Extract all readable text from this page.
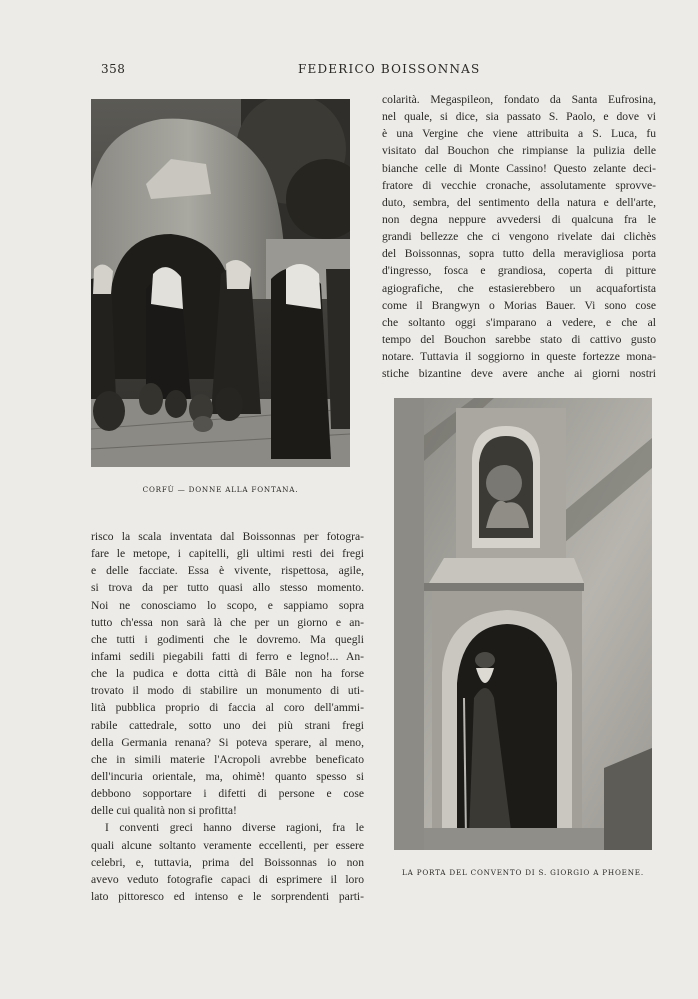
358	FEDERICO BOISSONNAS
CORFÙ — DONNE ALLA FONTANA.

colarità. Megaspileon, fondato da Santa Eufrosina,

nel quale, si dice, sia passato S. Paolo, e dove vi

è una Vergine che viene attribuita a S. Luca, fu

visitato dal Bouchon che rimpianse la pulizia delle

bianche celle di Monte Cassino! Questo zelante deci-

fratore di vecchie cronache, assolutamente sprovve-

duto, sembra, del sentimento della natura e dell'arte,

non degna neppure avvedersi di qualcuna fra le

grandi bellezze che ci vengono rivelate dai clichès

del Boissonnas, sopra tutto della meravigliosa porta

d'ingresso, fosca e grandiosa, coperta di pitture

agiografiche, che estasierebbero un acquafortista

come il Brangwyn o Morias Bauer. Vi sono cose

che soltanto oggi s'imparano a vedere, e che al

tempo del Bouchon sarebbe stato di cattivo gusto

notare. Tuttavia il soggiorno in queste fortezze mona-

stiche bizantine deve avere anche ai giorni nostri

LA PORTA DEL CONVENTO DI S. GIORGIO A PHOENE.

risco la scala inventata dal Boissonnas per fotogra-

fare le metope, i capitelli, gli ultimi resti dei fregi

e delle facciate. Essa è vivente, rispettosa, agile,

si trova da per tutto quasi allo stesso momento.

Noi ne conosciamo lo scopo, e sappiamo sopra

tutto ch'essa non sarà là che per un giorno e an-

che tutti i godimenti che le dovremo. Ma quegli

infami sedili piegabili fatti di ferro e legno!... An-

che la pudica e dotta città di Bâle non ha forse

trovato il modo di stabilire un monumento di uti-

lità pubblica proprio di faccia al coro dell'ammi-

rabile cattedrale, sotto uno dei più strani fregi

della Germania renana? Si poteva sperare, al meno,

che in simili materie l'Acropoli avrebbe beneficato

dell'incuria orientale, ma, ohimè! quanto spesso si

debbono sopportare i difetti di persone e cose

delle cui qualità non si profitta!

I conventi greci hanno diverse ragioni, fra le

quali alcune soltanto veramente eccellenti, per essere

celebri, e, tuttavia, prima del Boissonnas io non

avevo veduto fotografie capaci di esprimere il loro

lato pittoresco ed intenso e le sorprendenti parti-
